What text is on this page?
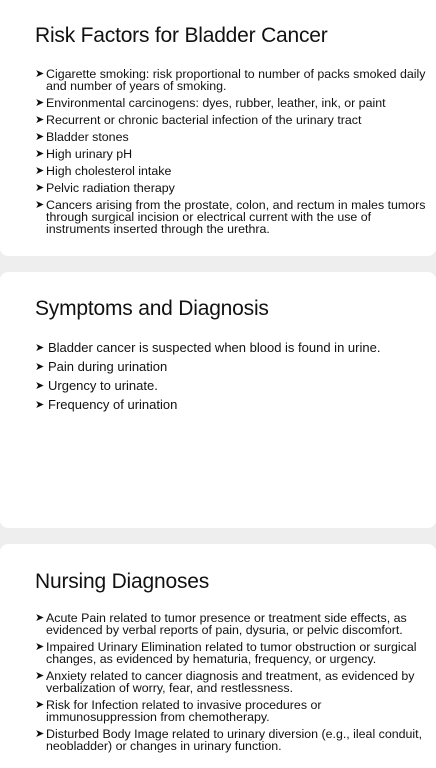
Risk Factors for Bladder Cancer
➤ Cigarette smoking: risk proportional to number of packs smoked daily and number of years of smoking.
➤ Environmental carcinogens: dyes, rubber, leather, ink, or paint
➤ Recurrent or chronic bacterial infection of the urinary tract
➤ Bladder stones
➤ High urinary pH
➤ High cholesterol intake
➤ Pelvic radiation therapy
➤ Cancers arising from the prostate, colon, and rectum in males tumors through surgical incision or electrical current with the use of instruments inserted through the urethra.
Symptoms and Diagnosis
➤ Bladder cancer is suspected when blood is found in urine.
➤ Pain during urination
➤ Urgency to urinate.
➤ Frequency of urination
Nursing Diagnoses
➤ Acute Pain related to tumor presence or treatment side effects, as evidenced by verbal reports of pain, dysuria, or pelvic discomfort.
➤ Impaired Urinary Elimination related to tumor obstruction or surgical changes, as evidenced by hematuria, frequency, or urgency.
➤ Anxiety related to cancer diagnosis and treatment, as evidenced by verbalization of worry, fear, and restlessness.
➤ Risk for Infection related to invasive procedures or immunosuppression from chemotherapy.
➤ Disturbed Body Image related to urinary diversion (e.g., ileal conduit, neobladder) or changes in urinary function.
